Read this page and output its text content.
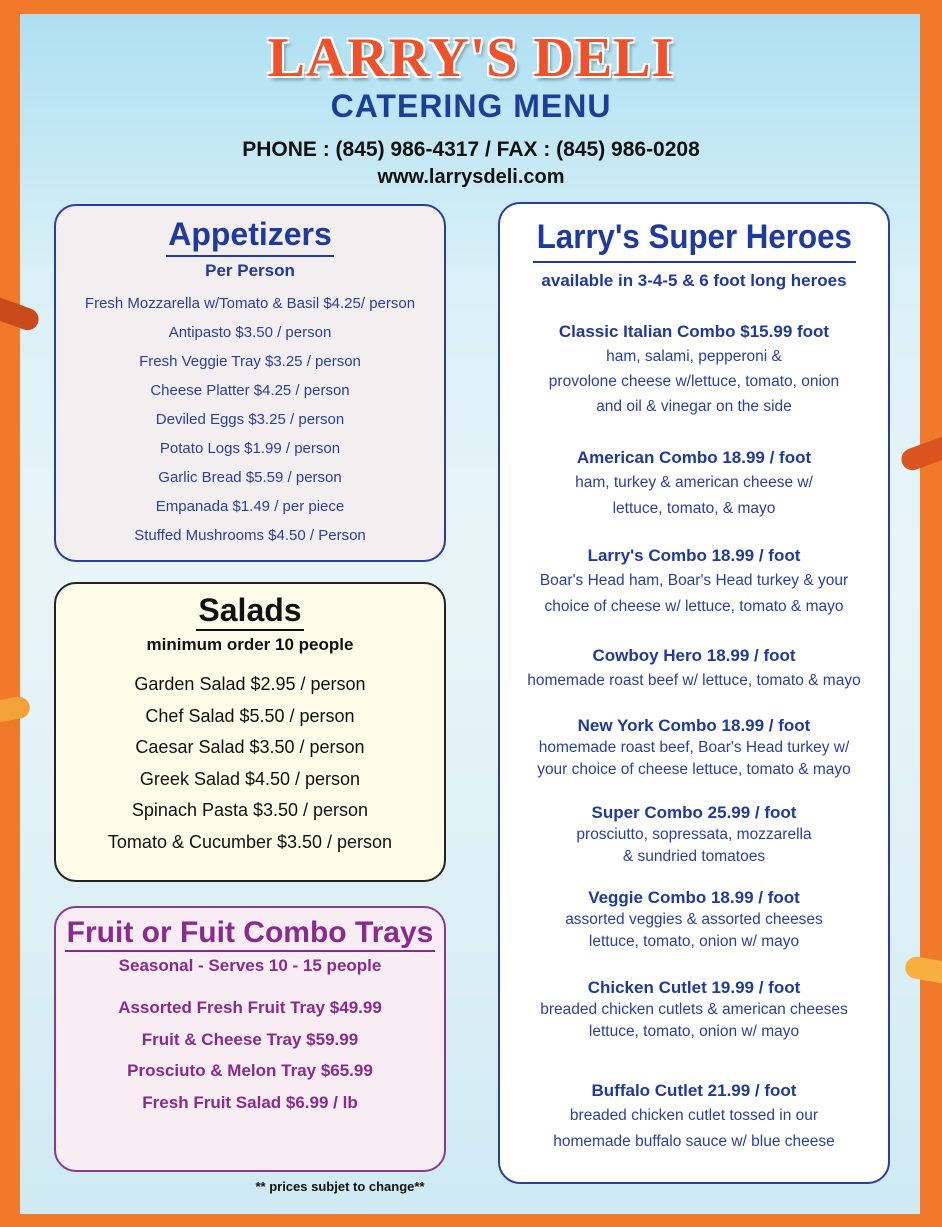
LARRY'S DELI
CATERING MENU
PHONE : (845) 986-4317 / FAX : (845) 986-0208
www.larrysdeli.com
Appetizers
Per Person
Fresh Mozzarella w/Tomato & Basil $4.25/ person
Antipasto $3.50 / person
Fresh Veggie Tray $3.25 / person
Cheese Platter $4.25 / person
Deviled Eggs $3.25 / person
Potato Logs $1.99 / person
Garlic Bread $5.59 / person
Empanada $1.49 / per piece
Stuffed Mushrooms $4.50 / Person
Salads
minimum order 10 people
Garden Salad $2.95 / person
Chef Salad $5.50 / person
Caesar Salad $3.50 / person
Greek Salad $4.50 / person
Spinach Pasta $3.50 / person
Tomato & Cucumber $3.50 / person
Fruit or Fuit Combo Trays
Seasonal - Serves 10 - 15 people
Assorted Fresh Fruit Tray $49.99
Fruit & Cheese Tray $59.99
Prosciuto & Melon Tray $65.99
Fresh Fruit Salad $6.99 / lb
** prices subjet to change**
Larry's Super Heroes
available in 3-4-5 & 6 foot long heroes
Classic Italian Combo $15.99 foot
ham, salami, pepperoni &
provolone cheese w/lettuce, tomato, onion
and oil & vinegar on the side
American Combo 18.99 / foot
ham, turkey & american cheese w/
lettuce, tomato, & mayo
Larry's Combo 18.99 / foot
Boar's Head ham, Boar's Head turkey & your
choice of cheese w/ lettuce, tomato & mayo
Cowboy Hero 18.99 / foot
homemade roast beef w/ lettuce, tomato & mayo
New York Combo 18.99 / foot
homemade roast beef, Boar's Head turkey w/
your choice of cheese lettuce, tomato & mayo
Super Combo 25.99 / foot
prosciutto, sopressata, mozzarella
& sundried tomatoes
Veggie Combo 18.99 / foot
assorted veggies & assorted cheeses
lettuce, tomato, onion w/ mayo
Chicken Cutlet 19.99 / foot
breaded chicken cutlets & american cheeses
lettuce, tomato, onion w/ mayo
Buffalo Cutlet 21.99 / foot
breaded chicken cutlet tossed in our
homemade buffalo sauce w/ blue cheese
